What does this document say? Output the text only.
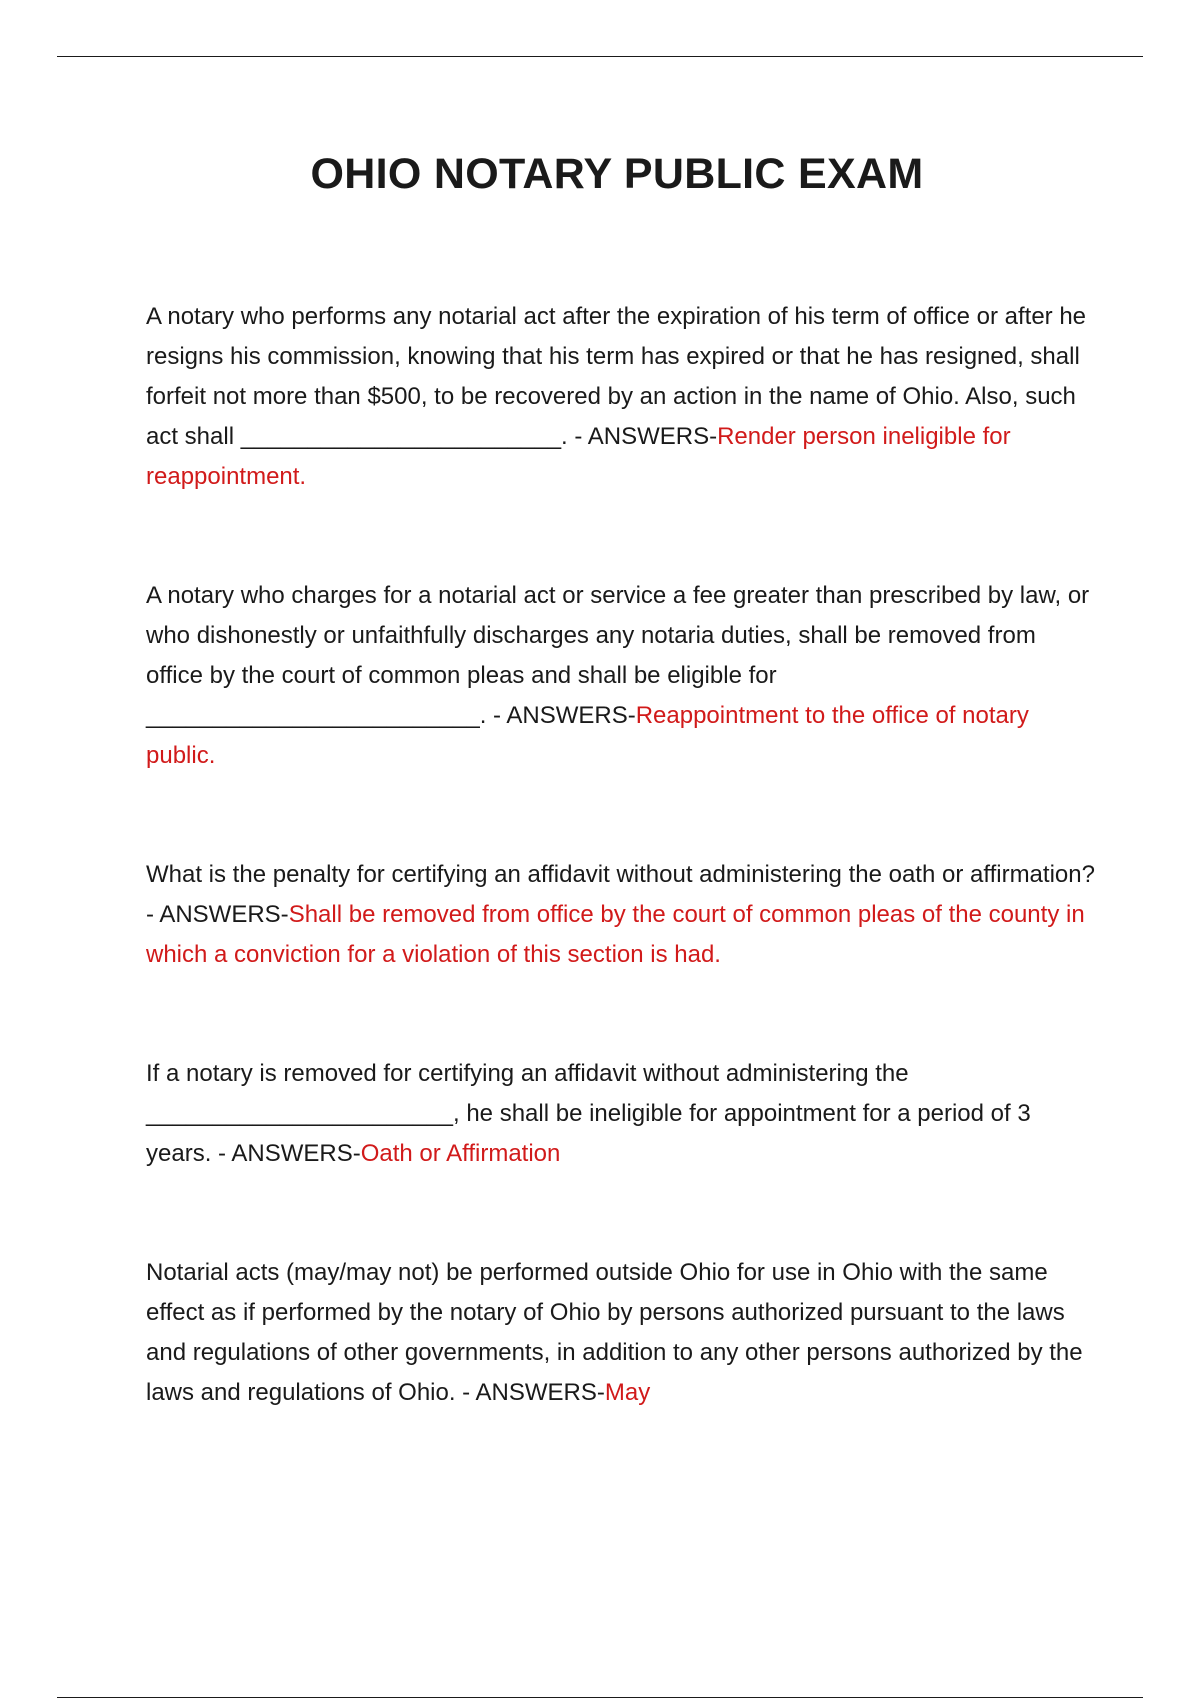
OHIO NOTARY PUBLIC EXAM

A notary who performs any notarial act after the expiration of his term of office or after he resigns his commission, knowing that his term has expired or that he has resigned, shall forfeit not more than $500, to be recovered by an action in the name of Ohio. Also, such act shall ________________________. - ANSWERS-Render person ineligible for reappointment.

A notary who charges for a notarial act or service a fee greater than prescribed by law, or who dishonestly or unfaithfully discharges any notaria duties, shall be removed from office by the court of common pleas and shall be eligible for _________________________. - ANSWERS-Reappointment to the office of notary public.

What is the penalty for certifying an affidavit without administering the oath or affirmation? - ANSWERS-Shall be removed from office by the court of common pleas of the county in which a conviction for a violation of this section is had.

If a notary is removed for certifying an affidavit without administering the _______________________, he shall be ineligible for appointment for a period of 3 years. - ANSWERS-Oath or Affirmation

Notarial acts (may/may not) be performed outside Ohio for use in Ohio with the same effect as if performed by the notary of Ohio by persons authorized pursuant to the laws and regulations of other governments, in addition to any other persons authorized by the laws and regulations of Ohio. - ANSWERS-May
